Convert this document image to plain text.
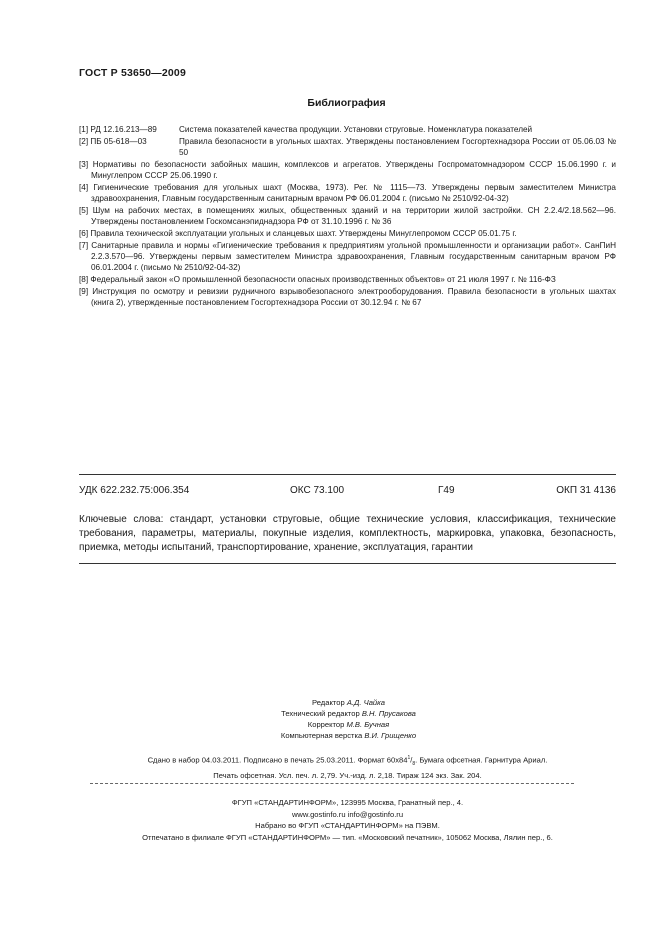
ГОСТ Р 53650—2009
Библиография
[1] РД 12.16.213—89	Система показателей качества продукции. Установки струговые. Номенклатура показателей
[2] ПБ 05-618—03	Правила безопасности в угольных шахтах. Утверждены постановлением Госгортехнадзора России от 05.06.03 № 50
[3] Нормативы по безопасности забойных машин, комплексов и агрегатов. Утверждены Госпроматомнадзором СССР 15.06.1990 г. и Минуглепром СССР 25.06.1990 г.
[4] Гигиенические требования для угольных шахт (Москва, 1973). Рег. № 1115—73. Утверждены первым заместителем Министра здравоохранения, Главным государственным санитарным врачом РФ 06.01.2004 г. (письмо № 2510/92-04-32)
[5] Шум на рабочих местах, в помещениях жилых, общественных зданий и на территории жилой застройки. СН 2.2.4/2.18.562—96. Утверждены постановлением Госкомсанэпиднадзора РФ от 31.10.1996 г. № 36
[6] Правила технической эксплуатации угольных и сланцевых шахт. Утверждены Минуглепромом СССР 05.01.75 г.
[7] Санитарные правила и нормы «Гигиенические требования к предприятиям угольной промышленности и организации работ». СанПиН 2.2.3.570—96. Утверждены первым заместителем Министра здравоохранения, Главным государственным санитарным врачом РФ 06.01.2004 г. (письмо № 2510/92-04-32)
[8] Федеральный закон «О промышленной безопасности опасных производственных объектов» от 21 июля 1997 г. № 116-ФЗ
[9] Инструкция по осмотру и ревизии рудничного взрывобезопасного электрооборудования. Правила безопасности в угольных шахтах (книга 2), утвержденные постановлением Госгортехнадзора России от 30.12.94 г. № 67
УДК 622.232.75:006.354	ОКС 73.100	Г49	ОКП 31 4136
Ключевые слова: стандарт, установки струговые, общие технические условия, классификация, технические требования, параметры, материалы, покупные изделия, комплектность, маркировка, упаковка, безопасность, приемка, методы испытаний, транспортирование, хранение, эксплуатация, гарантии
Редактор А.Д. Чайка
Технический редактор В.Н. Прусакова
Корректор М.В. Бучная
Компьютерная верстка В.И. Грищенко
Сдано в набор 04.03.2011. Подписано в печать 25.03.2011. Формат $60x84^1/_8$. Бумага офсетная. Гарнитура Ариал.
Печать офсетная. Усл. печ. л. 2,79. Уч.-изд. л. 2,18. Тираж 124 экз. Зак. 204.
ФГУП «СТАНДАРТИНФОРМ», 123995 Москва, Гранатный пер., 4.
www.gostinfo.ru info@gostinfo.ru
Набрано во ФГУП «СТАНДАРТИНФОРМ» на ПЭВМ.
Отпечатано в филиале ФГУП «СТАНДАРТИНФОРМ» — тип. «Московский печатник», 105062 Москва, Лялин пер., 6.
